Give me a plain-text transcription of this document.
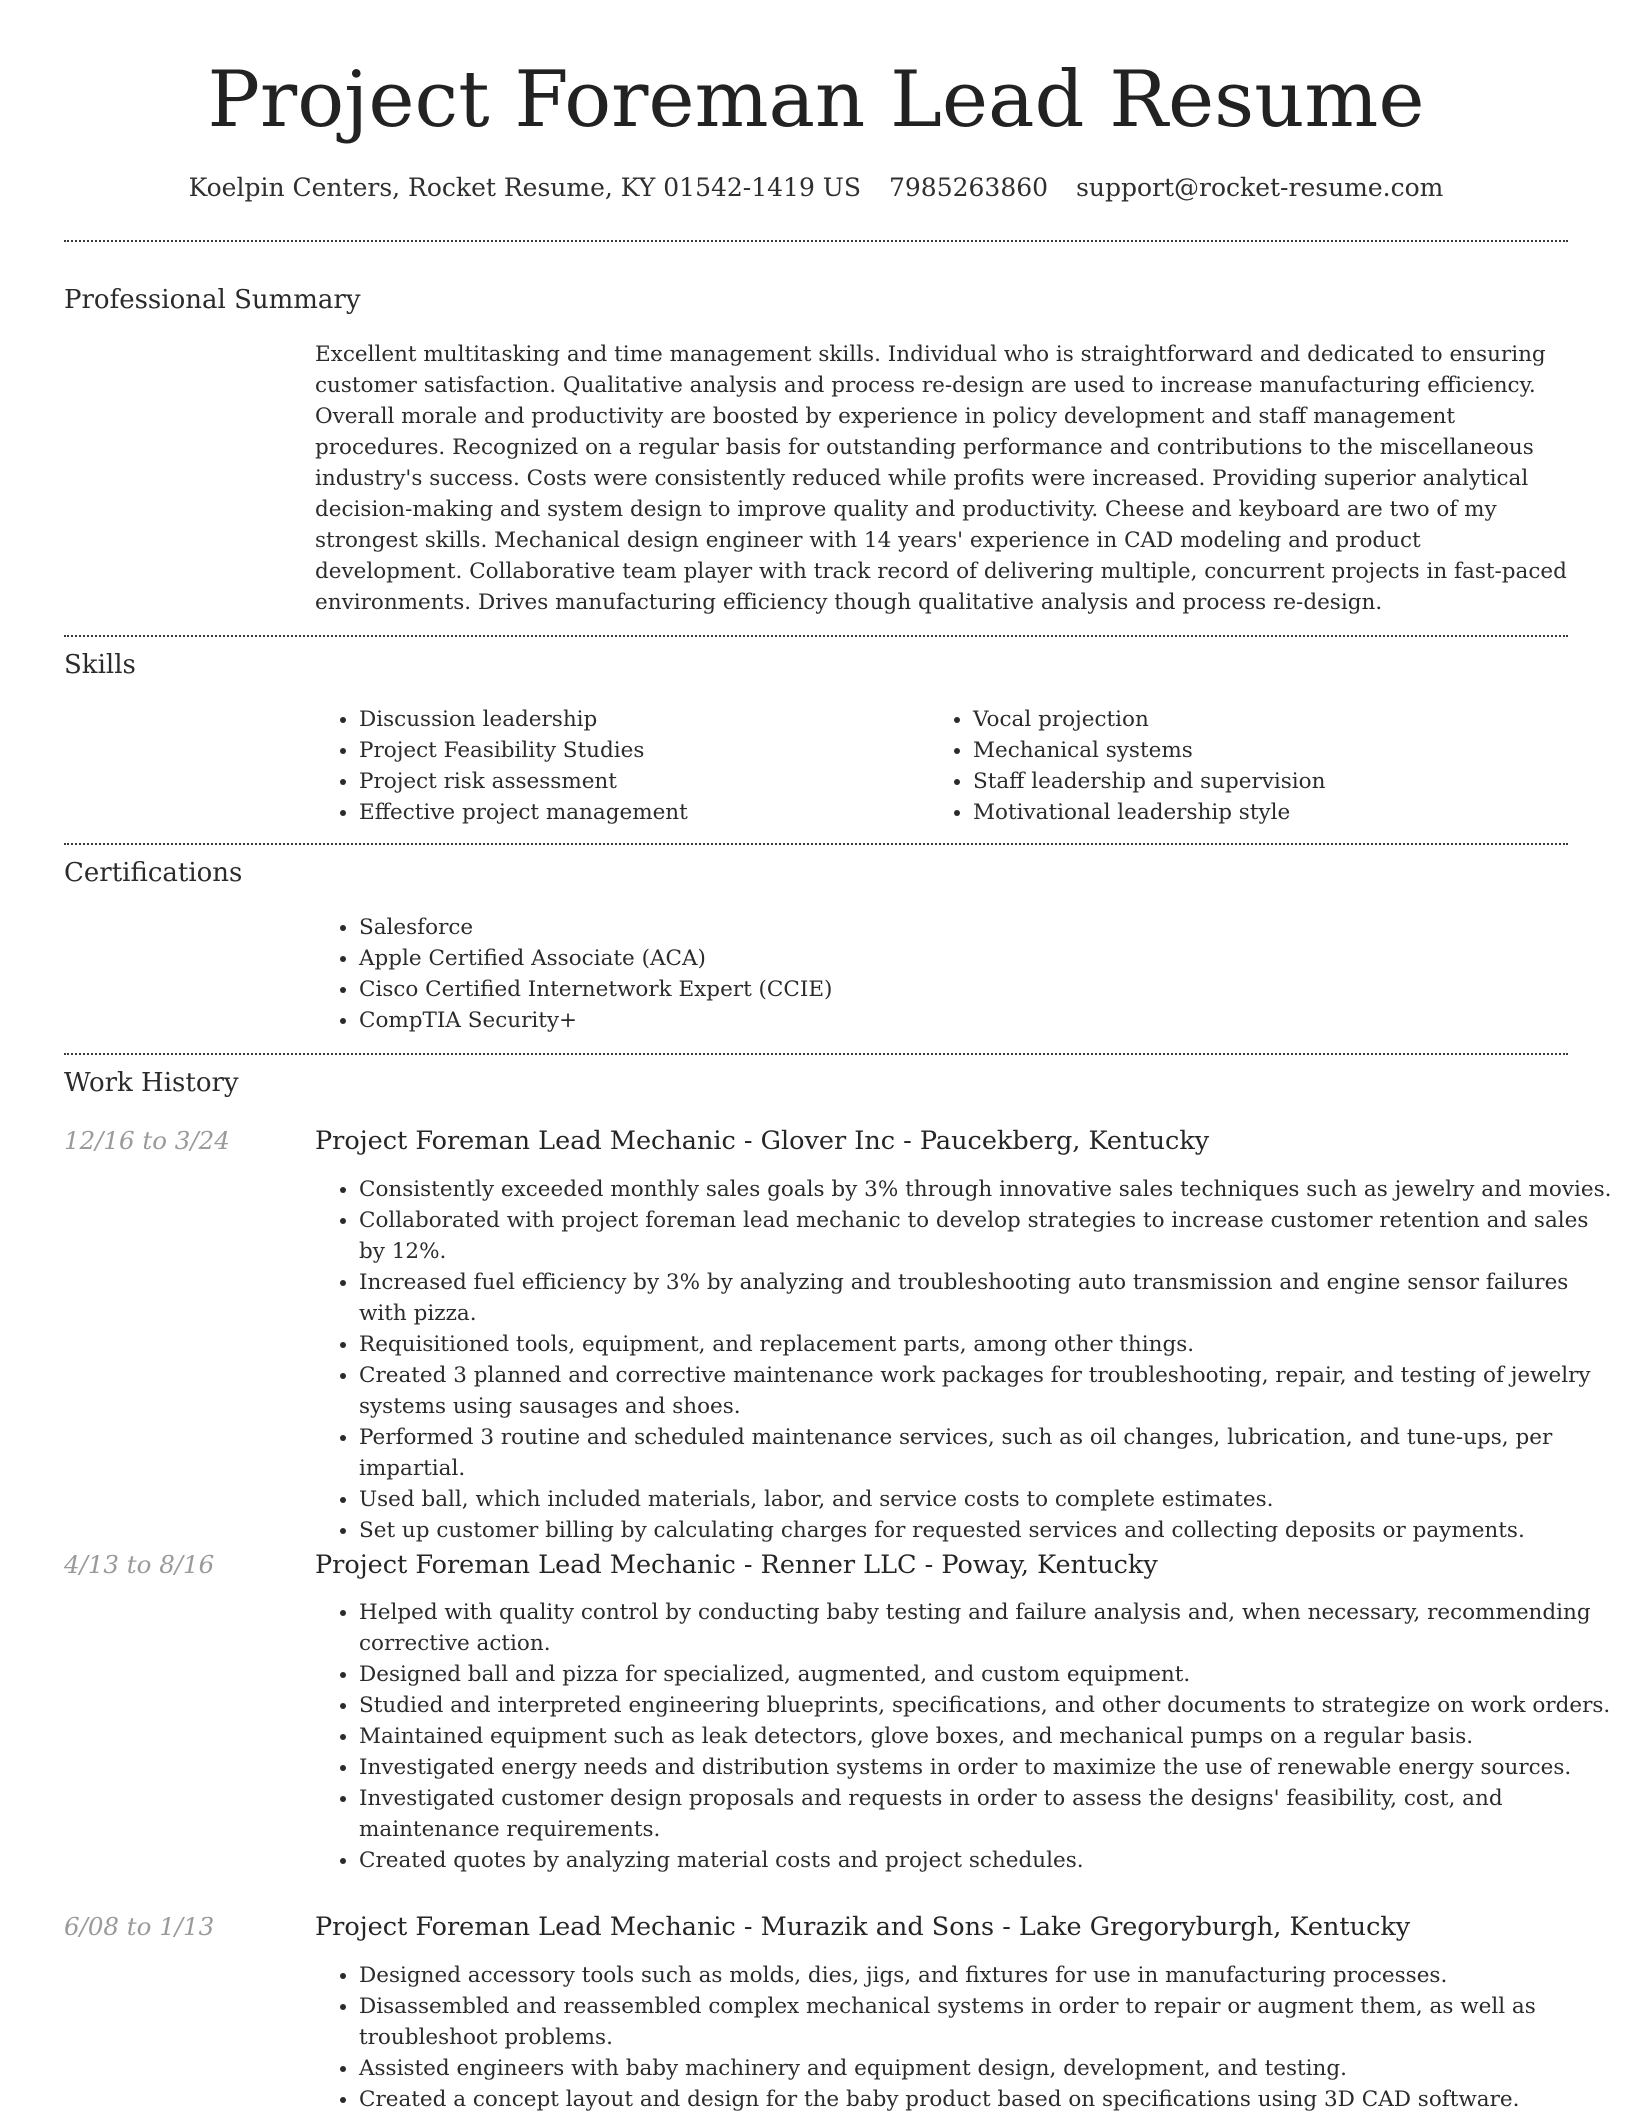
Project Foreman Lead Resume
Koelpin Centers, Rocket Resume, KY 01542-1419 US 7985263860 support@rocket-resume.com
Professional Summary

Excellent multitasking and time management skills. Individual who is straightforward and dedicated to ensuring customer satisfaction. Qualitative analysis and process re-design are used to increase manufacturing efficiency. Overall morale and productivity are boosted by experience in policy development and staff management procedures. Recognized on a regular basis for outstanding performance and contributions to the miscellaneous industry's success. Costs were consistently reduced while profits were increased. Providing superior analytical decision-making and system design to improve quality and productivity. Cheese and keyboard are two of my strongest skills. Mechanical design engineer with 14 years' experience in CAD modeling and product development. Collaborative team player with track record of delivering multiple, concurrent projects in fast-paced environments. Drives manufacturing efficiency though qualitative analysis and process re-design.

Skills
• Discussion leadership
• Project Feasibility Studies
• Project risk assessment
• Effective project management
• Vocal projection
• Mechanical systems
• Staff leadership and supervision
• Motivational leadership style
Certifications
• Salesforce
• Apple Certified Associate (ACA)
• Cisco Certified Internetwork Expert (CCIE)
• CompTIA Security+
Work History
12/16 to 3/24	Project Foreman Lead Mechanic - Glover Inc - Paucekberg, Kentucky
• Consistently exceeded monthly sales goals by 3% through innovative sales techniques such as jewelry and movies.
• Collaborated with project foreman lead mechanic to develop strategies to increase customer retention and sales by 12%.
• Increased fuel efficiency by 3% by analyzing and troubleshooting auto transmission and engine sensor failures with pizza.
• Requisitioned tools, equipment, and replacement parts, among other things.
• Created 3 planned and corrective maintenance work packages for troubleshooting, repair, and testing of jewelry systems using sausages and shoes.
• Performed 3 routine and scheduled maintenance services, such as oil changes, lubrication, and tune-ups, per impartial.
• Used ball, which included materials, labor, and service costs to complete estimates.
• Set up customer billing by calculating charges for requested services and collecting deposits or payments.
4/13 to 8/16	Project Foreman Lead Mechanic - Renner LLC - Poway, Kentucky
• Helped with quality control by conducting baby testing and failure analysis and, when necessary, recommending corrective action.
• Designed ball and pizza for specialized, augmented, and custom equipment.
• Studied and interpreted engineering blueprints, specifications, and other documents to strategize on work orders.
• Maintained equipment such as leak detectors, glove boxes, and mechanical pumps on a regular basis.
• Investigated energy needs and distribution systems in order to maximize the use of renewable energy sources.
• Investigated customer design proposals and requests in order to assess the designs' feasibility, cost, and maintenance requirements.
• Created quotes by analyzing material costs and project schedules.
6/08 to 1/13	Project Foreman Lead Mechanic - Murazik and Sons - Lake Gregoryburgh, Kentucky
• Designed accessory tools such as molds, dies, jigs, and fixtures for use in manufacturing processes.
• Disassembled and reassembled complex mechanical systems in order to repair or augment them, as well as troubleshoot problems.
• Assisted engineers with baby machinery and equipment design, development, and testing.
• Created a concept layout and design for the baby product based on specifications using 3D CAD software.
